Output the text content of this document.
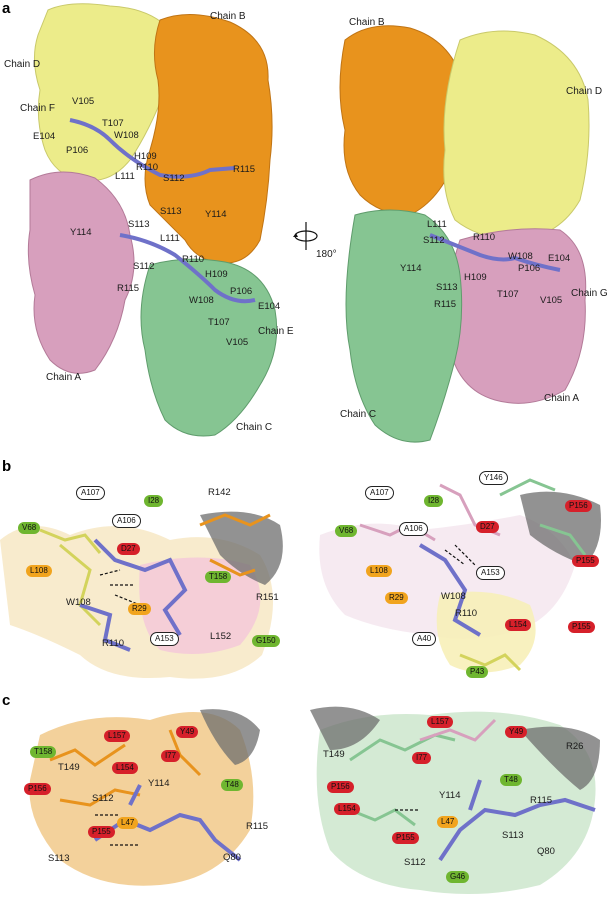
a
Chain D
Chain B
Chain F
Chain A
Chain E
Chain C
V105
E104
T107
W108
P106
H109
R110	R115
L111	S112
S113 Y114
Y114
S113
L111
S112
R110
H109
R115
W108
P106
E104
T107
V105
180°
Chain B
Chain D
Chain G
Chain A
Chain C
L111
S112	R110
W108 E104
Y114
H109
P106
S113
T107
V105
R115
b
A107
A106
A153
I28
V68
T158
G150
D27
L108
R29
R142
W108	R151
R110
L152
A107
Y146
A106
A153
A40
I28
V68
P43
P156
D27
P155
L154	P155
L108
R29	W108
R110
c
T158
T48
L157	Y49
I77
L154
P156
P155
L47
T149
Y114
S112
R115
S113	Q80
L157
Y49
I77
P156
L154
P155
T48
G46
L47
T149
R26
Y114	R115
S113
Q80
S112
